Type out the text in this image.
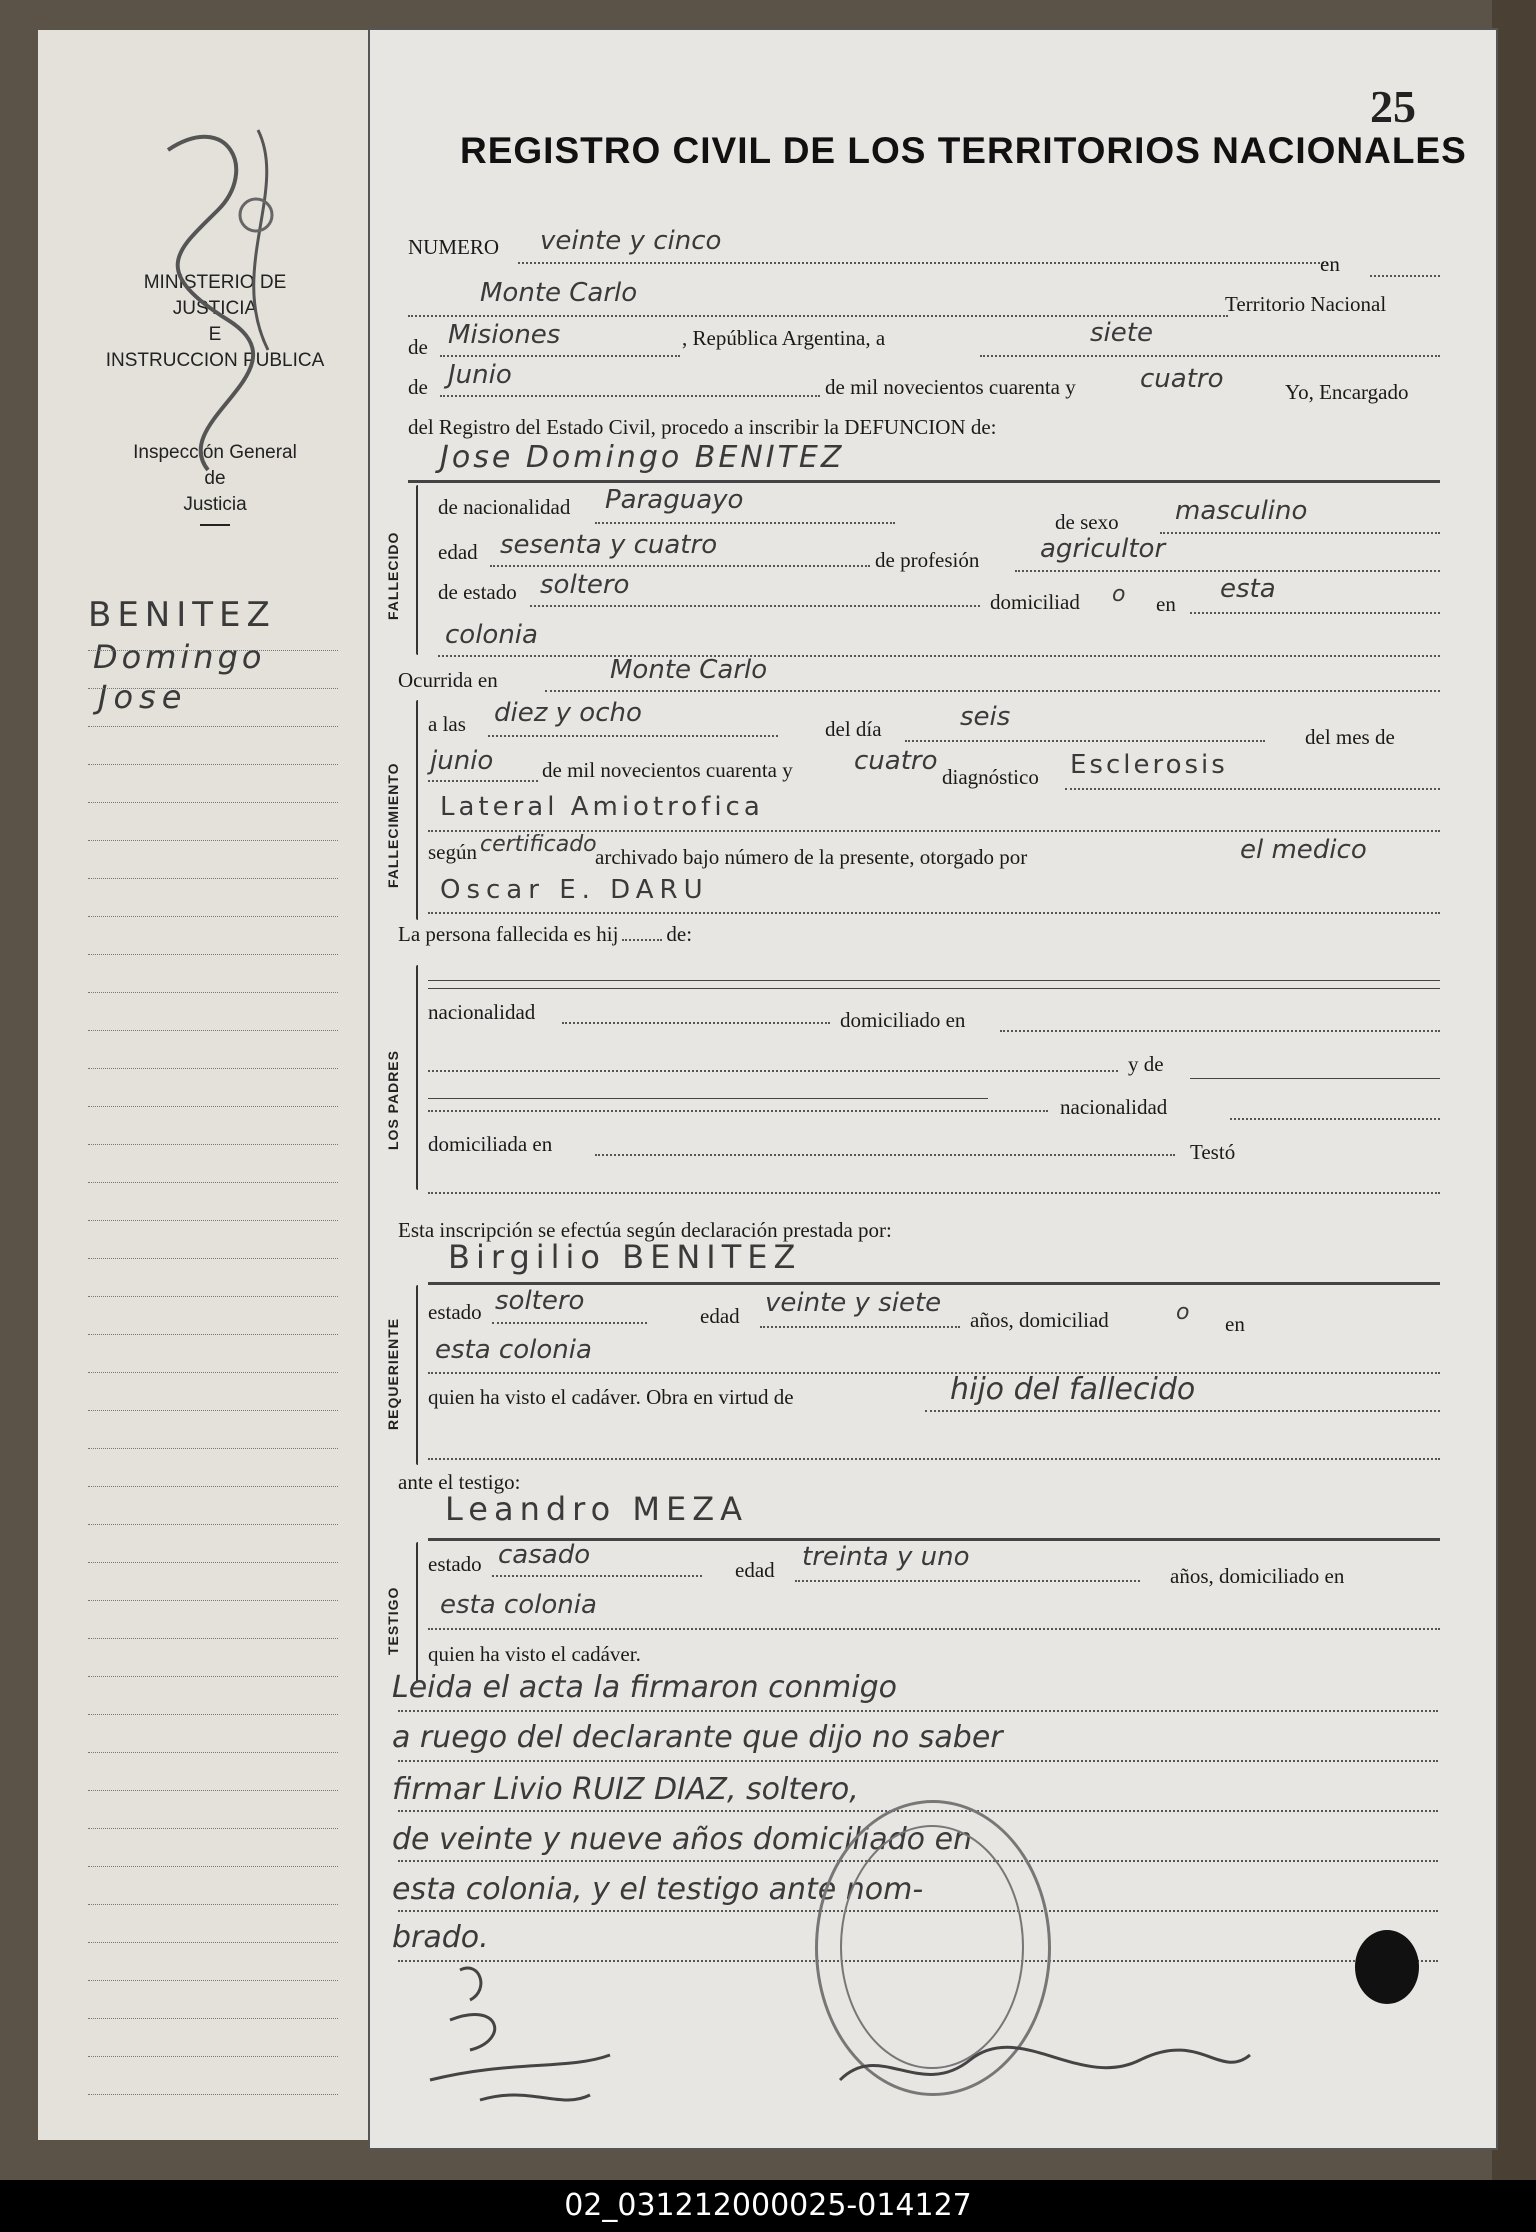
MINISTERIO DE JUSTICIA
E
INSTRUCCION PUBLICA
Inspección General
de
Justicia
BENITEZ
Domingo
Jose
25
REGISTRO CIVIL DE LOS TERRITORIOS NACIONALES
NUMERO veinte y cinco
en
Monte Carlo	Territorio Nacional
de Misiones	, República Argentina, a	siete
de Junio	de mil novecientos cuarenta y cuatro	Yo, Encargado
del Registro del Estado Civil, procedo a inscribir la DEFUNCION de:
Jose Domingo BENITEZ
FALLECIDO
de nacionalidad Paraguayo
de sexo masculino
edad sesenta y cuatro	de profesión agricultor
de estado soltero
domiciliad o en esta
colonia
Ocurrida en	Monte Carlo
FALLECIMIENTO
a las diez y ocho
del día	seis
del mes de
junio de mil novecientos cuarenta y cuatro
diagnóstico Esclerosis
Lateral Amiotrofica
según certificado
archivado bajo número de la presente, otorgado por	el medico
Oscar E. DARU
La persona fallecida es hij de:
LOS PADRES
nacionalidad	domiciliado en
y de
nacionalidad
domiciliada en	Testó
Esta inscripción se efectúa según declaración prestada por:
Birgilio BENITEZ
REQUERIENTE
estado soltero	edad veinte y siete
años, domiciliad	o en
esta colonia
quien ha visto el cadáver. Obra en virtud de	hijo del fallecido
ante el testigo:
Leandro MEZA
TESTIGO
estado casado	edad treinta y uno
años, domiciliado en
esta colonia
quien ha visto el cadáver.
Leida el acta la firmaron conmigo
a ruego del declarante que dijo no saber
firmar Livio RUIZ DIAZ, soltero,
de veinte y nueve años domiciliado en
esta colonia, y el testigo ante nom-
brado.
02_031212000025-014127
